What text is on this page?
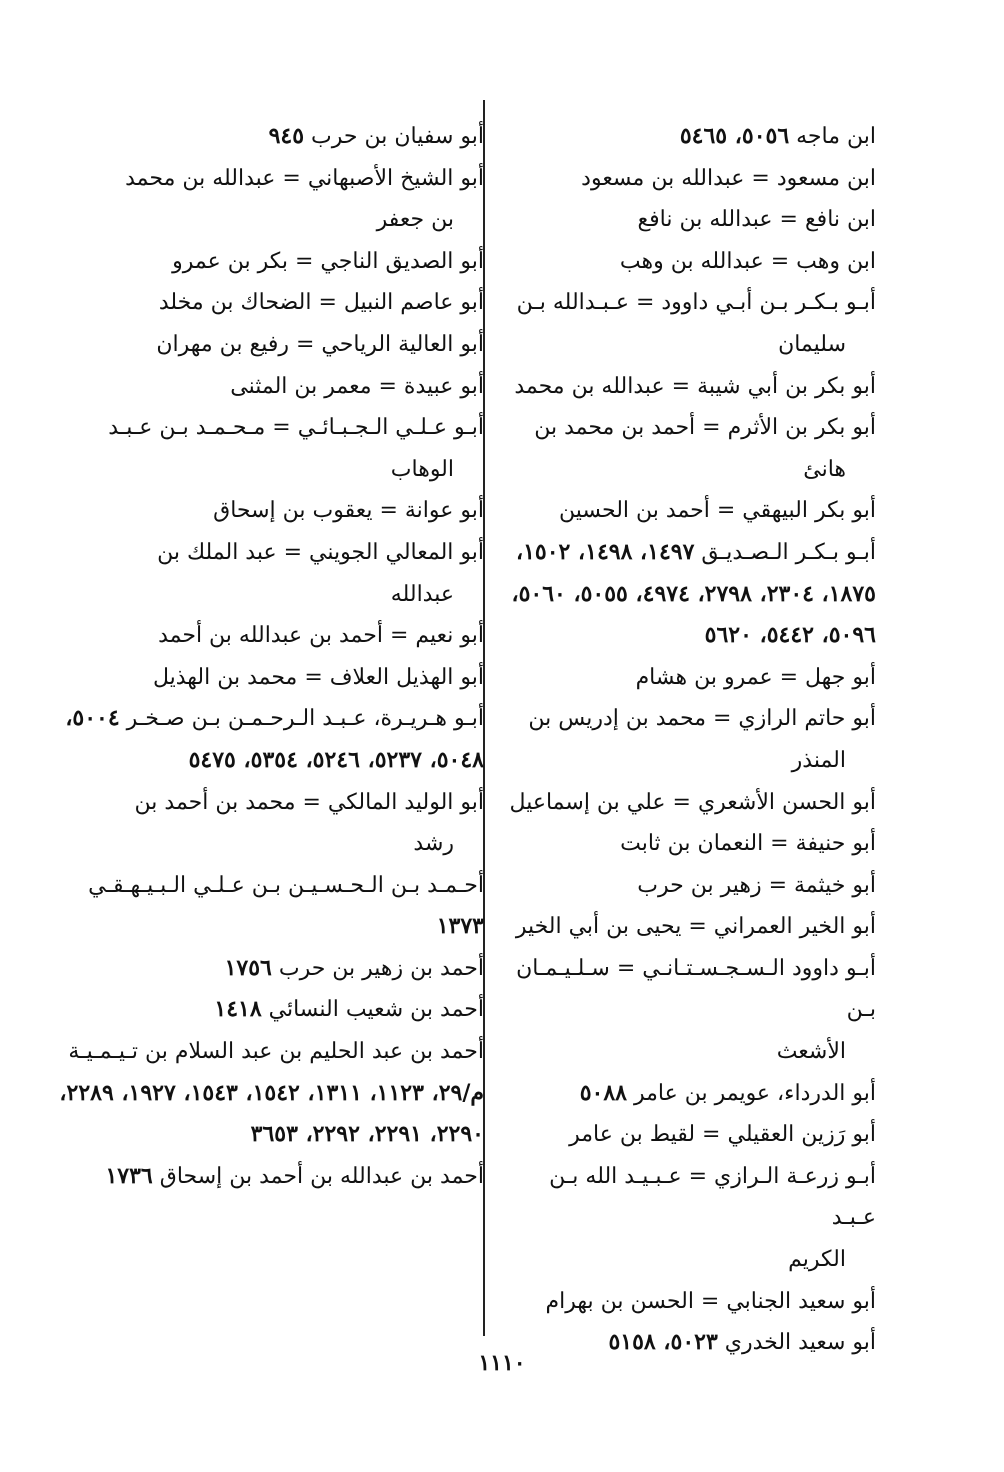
ابن ماجه ٥٠٥٦، ٥٤٦٥

ابن مسعود = عبدالله بن مسعود

ابن نافع = عبدالله بن نافع

ابن وهب = عبدالله بن وهب

أبـو بـكـر بـن أبـي داوود = عـبـدالله بـن
سليمان

أبو بكر بن أبي شيبة = عبدالله بن محمد

أبو بكر بن الأثرم = أحمد بن محمد بن
هانئ

أبو بكر البيهقي = أحمد بن الحسين

أبـو بـكـر الـصـديـق ١٤٩٧، ١٤٩٨، ١٥٠٢، ١٨٧٥، ٢٣٠٤، ٢٧٩٨، ٤٩٧٤، ٥٠٥٥، ٥٠٦٠، ٥٠٩٦، ٥٤٤٢، ٥٦٢٠

أبو جهل = عمرو بن هشام

أبو حاتم الرازي = محمد بن إدريس بن
المنذر

أبو الحسن الأشعري = علي بن إسماعيل

أبو حنيفة = النعمان بن ثابت

أبو خيثمة = زهير بن حرب

أبو الخير العمراني = يحيى بن أبي الخير

أبـو داوود الـسـجـسـتـانـي = سـلـيـمـان بـن
الأشعث

أبو الدرداء، عويمر بن عامر ٥٠٨٨

أبو رَزين العقيلي = لقيط بن عامر

أبـو زرعـة الـرازي = عـبـيـد الله بـن عـبـد
الكريم

أبو سعيد الجنابي = الحسن بن بهرام

أبو سعيد الخدري ٥٠٢٣، ٥١٥٨

أبو سفيان بن حرب ٩٤٥

أبو الشيخ الأصبهاني = عبدالله بن محمد
بن جعفر

أبو الصديق الناجي = بكر بن عمرو

أبو عاصم النبيل = الضحاك بن مخلد

أبو العالية الرياحي = رفيع بن مهران

أبو عبيدة = معمر بن المثنى

أبـو عـلـي الـجـبـائـي = مـحـمـد بـن عـبـد
الوهاب

أبو عوانة = يعقوب بن إسحاق

أبو المعالي الجويني = عبد الملك بن
عبدالله

أبو نعيم = أحمد بن عبدالله بن أحمد

أبو الهذيل العلاف = محمد بن الهذيل

أبـو هـريـرة، عـبـد الـرحـمـن بـن صـخـر ٥٠٠٤، ٥٠٤٨، ٥٢٣٧، ٥٢٤٦، ٥٣٥٤، ٥٤٧٥

أبو الوليد المالكي = محمد بن أحمد بن
رشد

أحـمـد بـن الـحـسـيـن بـن عـلـي الـبـيـهـقـي ١٣٧٣

أحمد بن زهير بن حرب ١٧٥٦

أحمد بن شعيب النسائي ١٤١٨

أحمد بن عبد الحليم بن عبد السلام بن تـيـمـيـة م/٢٩، ١١٢٣، ١٣١١، ١٥٤٢، ١٥٤٣، ١٩٢٧، ٢٢٨٩، ٢٢٩٠، ٢٢٩١، ٢٢٩٢، ٣٦٥٣

أحمد بن عبدالله بن أحمد بن إسحاق ١٧٣٦

١١١٠
